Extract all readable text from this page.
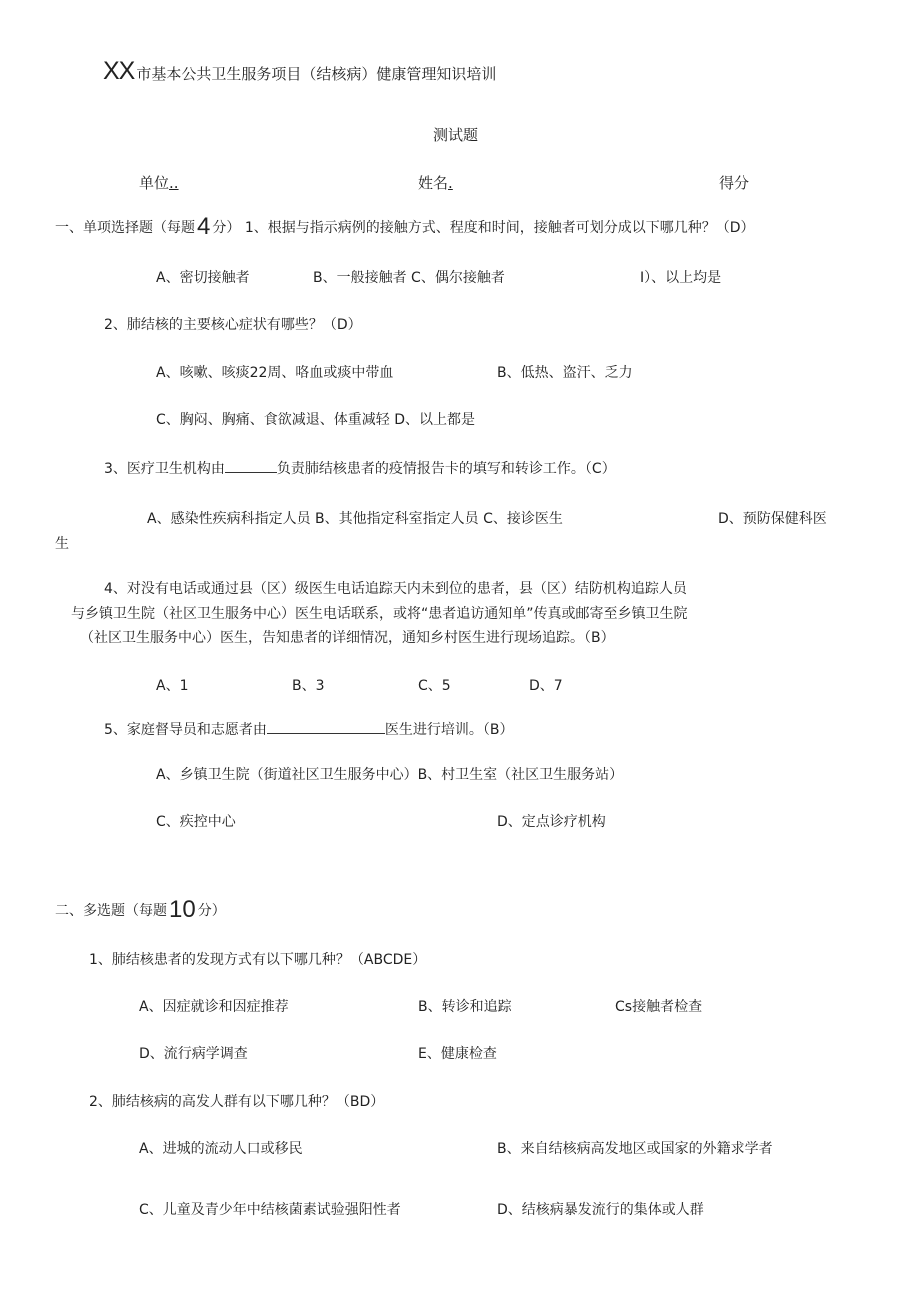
XX 市基本公共卫生服务项目（结核病）健康管理知识培训
测试题
单位..	姓名.	得分
一、单项选择题（每题4 分） 1、根据与指示病例的接触方式、程度和时间，接触者可划分成以下哪几种？（D）
A、密切接触者	B、一般接触者 C、偶尔接触者	I）、以上均是
2、肺结核的主要核心症状有哪些？（D）
A、咳嗽、咳痰22周、咯血或痰中带血	B、低热、盗汗、乏力
C、胸闷、胸痛、食欲减退、体重减轻 D、以上都是
3、医疗卫生机构由	负责肺结核患者的疫情报告卡的填写和转诊工作。（C）
A、感染性疾病科指定人员 B、其他指定科室指定人员 C、接诊医生	D、预防保健科医
生
4、对没有电话或通过县（区）级医生电话追踪天内未到位的患者，县（区）结防机构追踪人员
与乡镇卫生院（社区卫生服务中心）医生电话联系，或将“患者追访通知单”传真或邮寄至乡镇卫生院
（社区卫生服务中心）医生，告知患者的详细情况，通知乡村医生进行现场追踪。（B）
A、1	B、3	C、5	D、7
5、家庭督导员和志愿者由	医生进行培训。（B）
A、乡镇卫生院（街道社区卫生服务中心）B、村卫生室（社区卫生服务站）
C、疾控中心	D、定点诊疗机构
二、多选题（每题10 分）
1、肺结核患者的发现方式有以下哪几种？（ABCDE）
A、因症就诊和因症推荐	B、转诊和追踪	Cs接触者检查
D、流行病学调查	E、健康检查
2、肺结核病的高发人群有以下哪几种？（BD）
A、进城的流动人口或移民	B、来自结核病高发地区或国家的外籍求学者
C、儿童及青少年中结核菌素试验强阳性者	D、结核病暴发流行的集体或人群
